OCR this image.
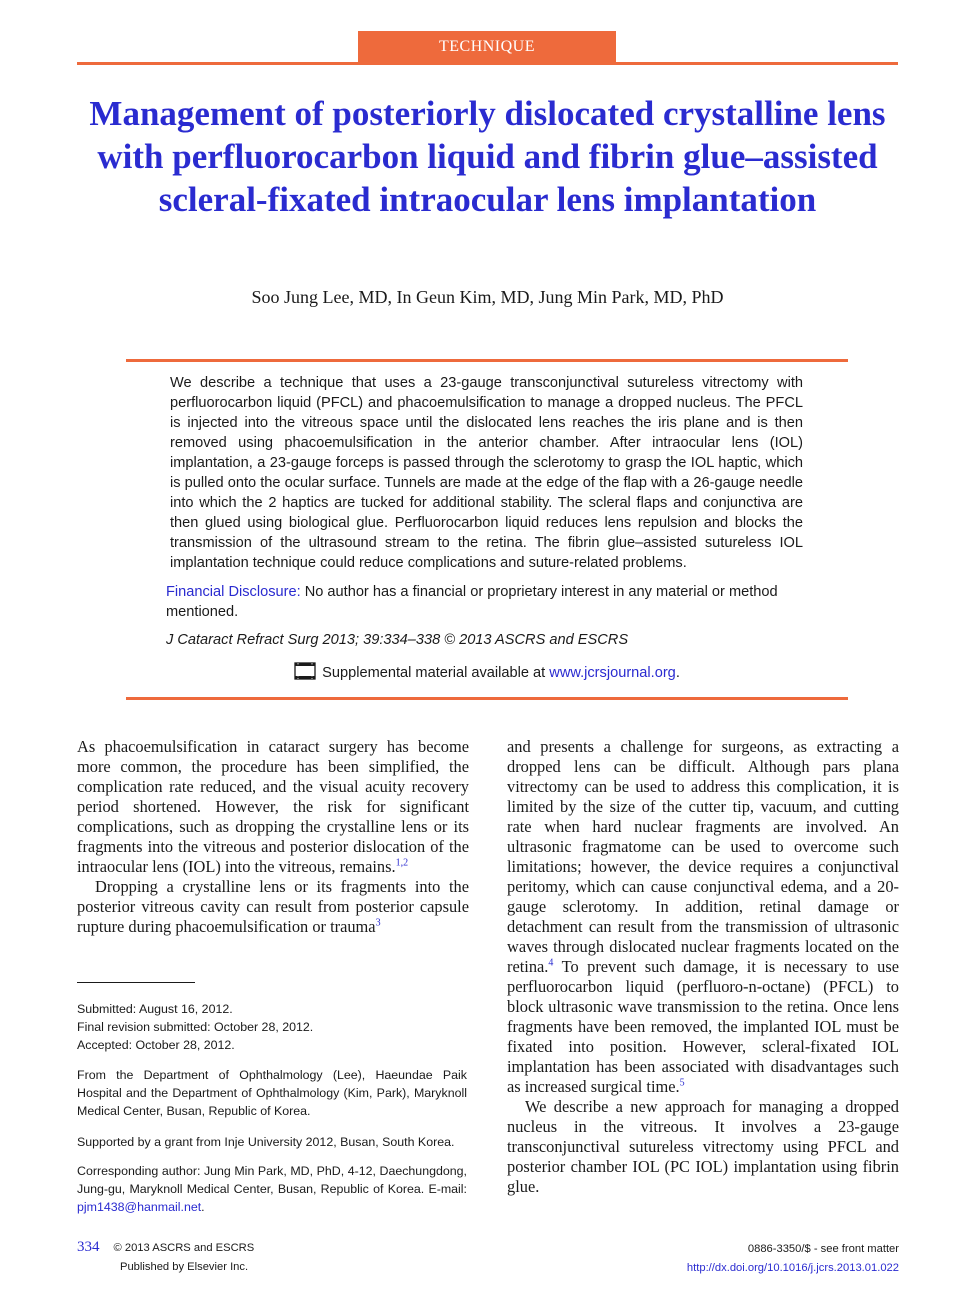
TECHNIQUE
Management of posteriorly dislocated crystalline lens with perfluorocarbon liquid and fibrin glue–assisted scleral-fixated intraocular lens implantation
Soo Jung Lee, MD, In Geun Kim, MD, Jung Min Park, MD, PhD

We describe a technique that uses a 23-gauge transconjunctival sutureless vitrectomy with perfluorocarbon liquid (PFCL) and phacoemulsification to manage a dropped nucleus. The PFCL is injected into the vitreous space until the dislocated lens reaches the iris plane and is then removed using phacoemulsification in the anterior chamber. After intraocular lens (IOL) implantation, a 23-gauge forceps is passed through the sclerotomy to grasp the IOL haptic, which is pulled onto the ocular surface. Tunnels are made at the edge of the flap with a 26-gauge needle into which the 2 haptics are tucked for additional stability. The scleral flaps and conjunctiva are then glued using biological glue. Perfluorocarbon liquid reduces lens repulsion and blocks the transmission of the ultrasound stream to the retina. The fibrin glue–assisted sutureless IOL implantation technique could reduce complications and suture-related problems.

Financial Disclosure: No author has a financial or proprietary interest in any material or method mentioned.

J Cataract Refract Surg 2013; 39:334–338 © 2013 ASCRS and ESCRS
Supplemental material available at www.jcrsjournal.org.

As phacoemulsification in cataract surgery has become more common, the procedure has been simplified, the complication rate reduced, and the visual acuity recovery period shortened. However, the risk for significant complications, such as dropping the crystalline lens or its fragments into the vitreous and posterior dislocation of the intraocular lens (IOL) into the vitreous, remains.$^{1,2}$

Dropping a crystalline lens or its fragments into the posterior vitreous cavity can result from posterior capsule rupture during phacoemulsification or trauma$^3$

and presents a challenge for surgeons, as extracting a dropped lens can be difficult. Although pars plana vitrectomy can be used to address this complication, it is limited by the size of the cutter tip, vacuum, and cutting rate when hard nuclear fragments are involved. An ultrasonic fragmatome can be used to overcome such limitations; however, the device requires a conjunctival peritomy, which can cause conjunctival edema, and a 20-gauge sclerotomy. In addition, retinal damage or detachment can result from the transmission of ultrasonic waves through dislocated nuclear fragments located on the retina.$^4$ To prevent such damage, it is necessary to use perfluorocarbon liquid (perfluoro-n-octane) (PFCL) to block ultrasonic wave transmission to the retina. Once lens fragments have been removed, the implanted IOL must be fixated into position. However, scleral-fixated IOL implantation has been associated with disadvantages such as increased surgical time.$^5$

We describe a new approach for managing a dropped nucleus in the vitreous. It involves a 23-gauge transconjunctival sutureless vitrectomy using PFCL and posterior chamber IOL (PC IOL) implantation using fibrin glue.

Submitted: August 16, 2012.
Final revision submitted: October 28, 2012.
Accepted: October 28, 2012.

From the Department of Ophthalmology (Lee), Haeundae Paik Hospital and the Department of Ophthalmology (Kim, Park), Maryknoll Medical Center, Busan, Republic of Korea.

Supported by a grant from Inje University 2012, Busan, South Korea.

Corresponding author: Jung Min Park, MD, PhD, 4-12, Daechungdong, Jung-gu, Maryknoll Medical Center, Busan, Republic of Korea. E-mail: pjm1438@hanmail.net.

334 © 2013 ASCRS and ESCRS
Published by Elsevier Inc.
0886-3350/$ - see front matter
http://dx.doi.org/10.1016/j.jcrs.2013.01.022
